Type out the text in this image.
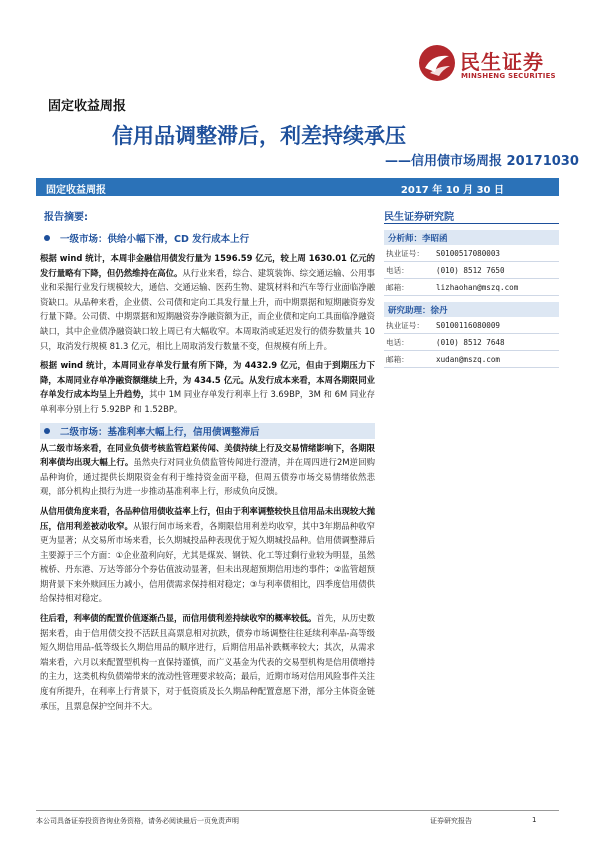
民生证券
MINSHENG SECURITIES
固定收益周报
信用品调整滞后，利差持续承压
——信用债市场周报 20171030
固定收益周报	2017 年 10 月 30 日
报告摘要:
一级市场：供给小幅下滑，CD 发行成本上行

根据 wind 统计，本周非金融信用债发行量为 1596.59 亿元，较上周 1630.01 亿元的发行量略有下降，但仍然维持在高位。从行业来看，综合、建筑装饰、综交通运输、公用事业和采掘行业发行规模较大，通信、交通运输、医药生物、建筑材料和汽车等行业面临净融资缺口。从品种来看，企业债、公司债和定向工具发行量上升，而中期票据和短期融资券发行量下降。公司债、中期票据和短期融资券净融资额为正，而企业债和定向工具面临净融资缺口，其中企业债净融资缺口较上周已有大幅收窄。本周取消或延迟发行的债券数量共 10 只，取消发行规模 81.3 亿元，相比上周取消发行数量不变，但规模有所上升。

根据 wind 统计，本周同业存单发行量有所下降，为 4432.9 亿元，但由于到期压力下降，本周同业存单净融资额继续上升，为 434.5 亿元。从发行成本来看，本周各期限同业存单发行成本均呈上升趋势，其中 1M 同业存单发行利率上行 3.69BP，3M 和 6M 同业存单利率分别上行 5.92BP 和 1.52BP。

二级市场：基准利率大幅上行，信用债调整滞后

从二级市场来看，在同业负债考核监管趋紧传闻、美债持续上行及交易情绪影响下，各期限利率债均出现大幅上行。虽然央行对同业负债监管传闻进行澄清，并在周四进行2M逆回购品种询价，通过提供长期限资金有利于维持资金面平稳，但周五债券市场交易情绪依然悲观，部分机构止损行为进一步推动基准利率上行，形成负向反馈。

从信用债角度来看，各品种信用债收益率上行，但由于利率调整较快且信用品未出现较大抛压，信用利差被动收窄。从银行间市场来看，各期限信用利差均收窄，其中3年期品种收窄更为显著；从交易所市场来看，长久期城投品种表现优于短久期城投品种。信用债调整滞后主要源于三个方面：①企业盈利向好，尤其是煤炭、钢铁、化工等过剩行业较为明显，虽然梳桥、丹东港、万达等部分个券估值波动显著，但未出现超预期信用违约事件；②监管超预期背景下来外赎回压力减小，信用债需求保持相对稳定；③与利率债相比，四季度信用债供给保持相对稳定。

往后看，利率债的配置价值逐渐凸显，而信用债利差持续收窄的概率较低。首先，从历史数据来看，由于信用债交投不活跃且高票息相对抗跌，债券市场调整往往延续利率品-高等级短久期信用品-低等级长久期信用品的顺序进行，后期信用品补跌概率较大；其次，从需求端来看，六月以来配置型机构一直保持谨慎，而广义基金为代表的交易型机构是信用债增持的主力，这类机构负债端带来的流动性管理要求较高；最后，近期市场对信用风险事件关注度有所提升，在利率上行背景下，对于低资质及长久期品种配置意愿下滑，部分主体资金链承压，且票息保护空间并不大。

民生证券研究院
分析师：李昭函
执业证号：	S0100517080003
电话：	(010) 8512 7650
邮箱：	lizhaohan@mszq.com
研究助理：徐丹
执业证号：	S0100116080009
电话：	(010) 8512 7648
邮箱：	xudan@mszq.com
本公司具备证券投资咨询业务资格，请务必阅读最后一页免责声明	证券研究报告	1
